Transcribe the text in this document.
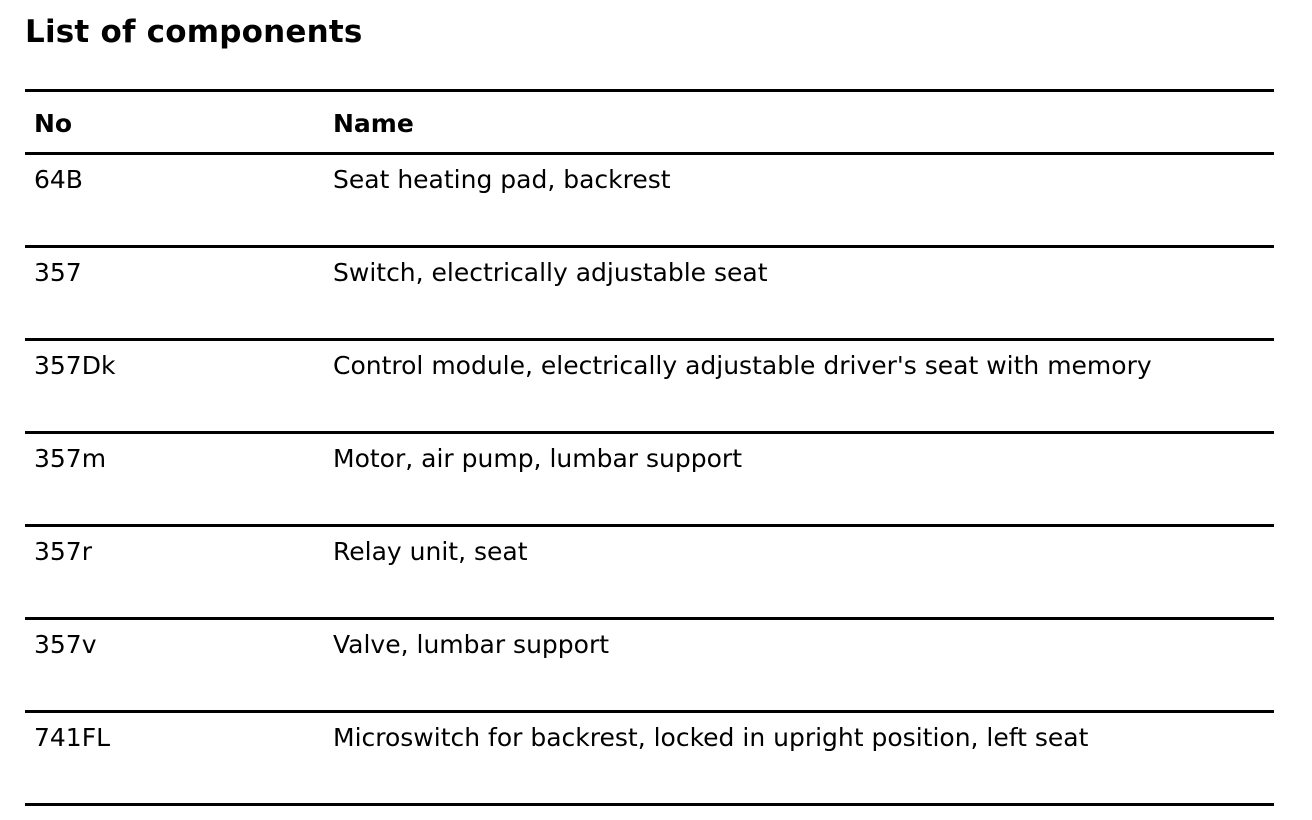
List of components
No	Name
64B	Seat heating pad, backrest
357	Switch, electrically adjustable seat
357Dk	Control module, electrically adjustable driver's seat with memory
357m	Motor, air pump, lumbar support
357r	Relay unit, seat
357v	Valve, lumbar support
741FL	Microswitch for backrest, locked in upright position, left seat
